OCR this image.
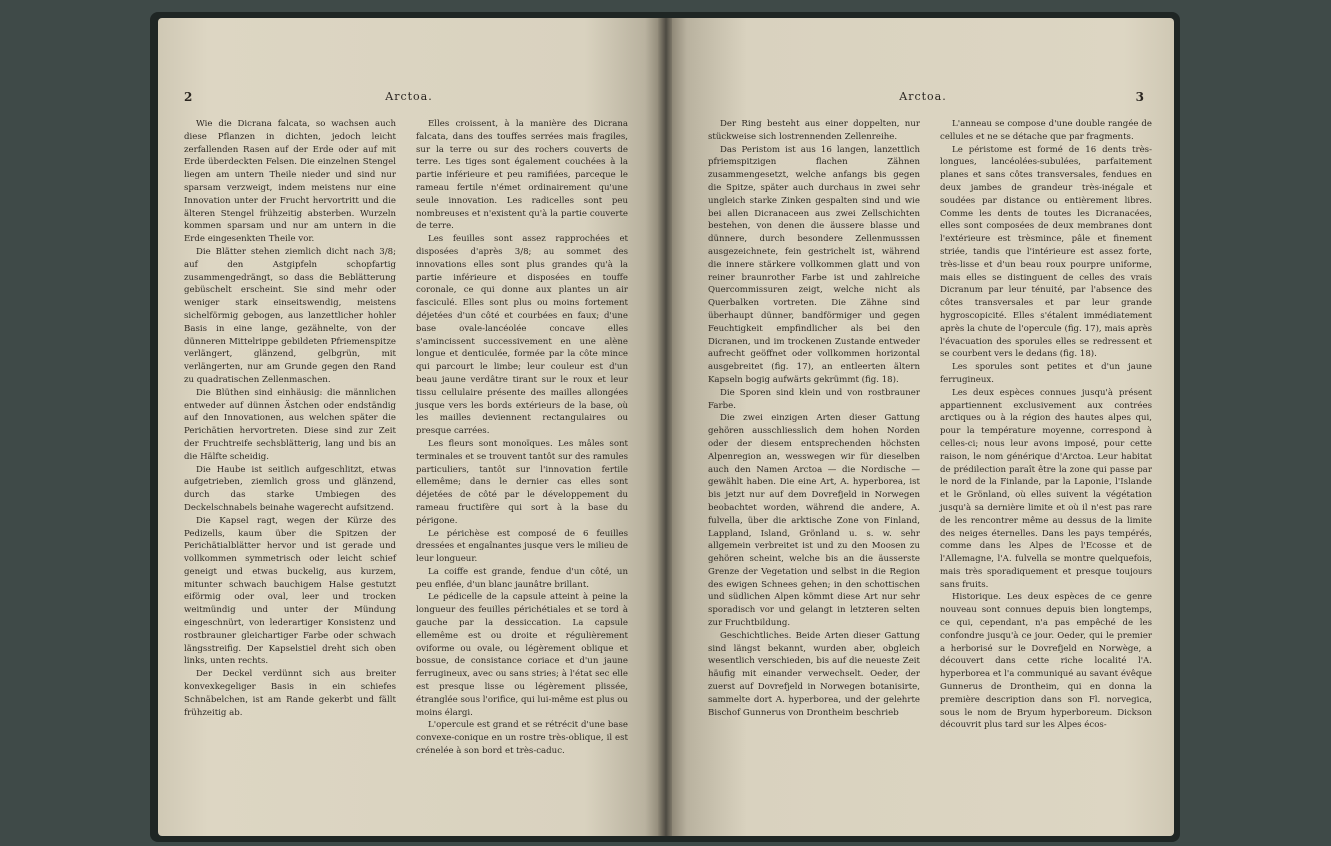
2	Arctoa.

Wie die Dicrana falcata, so wachsen auch diese Pflanzen in dichten, jedoch leicht zerfallenden Rasen auf der Erde oder auf mit Erde überdeckten Felsen. Die einzelnen Stengel liegen am untern Theile nieder und sind nur sparsam verzweigt, indem meistens nur eine Innovation unter der Frucht hervortritt und die älteren Stengel frühzeitig absterben. Wurzeln kommen sparsam und nur am untern in die Erde eingesenkten Theile vor.

Die Blätter stehen ziemlich dicht nach 3/8; auf den Astgipfeln schopfartig zusammengedrängt, so dass die Beblätterung gebüschelt erscheint. Sie sind mehr oder weniger stark einseitswendig, meistens sichelförmig gebogen, aus lanzettlicher hohler Basis in eine lange, gezähnelte, von der dünneren Mittelrippe gebildeten Pfriemenspitze verlängert, glänzend, gelbgrün, mit verlängerten, nur am Grunde gegen den Rand zu quadratischen Zellenmaschen.

Die Blüthen sind einhäusig: die männlichen entweder auf dünnen Ästchen oder endständig auf den Innovationen, aus welchen später die Perichätien hervortreten. Diese sind zur Zeit der Fruchtreife sechsblätterig, lang und bis an die Hälfte scheidig.

Die Haube ist seitlich aufgeschlitzt, etwas aufgetrieben, ziemlich gross und glänzend, durch das starke Umbiegen des Deckelschnabels beinahe wagerecht aufsitzend.

Die Kapsel ragt, wegen der Kürze des Pedizells, kaum über die Spitzen der Perichätialblätter hervor und ist gerade und vollkommen symmetrisch oder leicht schief geneigt und etwas buckelig, aus kurzem, mitunter schwach bauchigem Halse gestutzt eiförmig oder oval, leer und trocken weitmündig und unter der Mündung eingeschnürt, von lederartiger Konsistenz und rostbrauner gleichartiger Farbe oder schwach längsstreifig. Der Kapselstiel dreht sich oben links, unten rechts.

Der Deckel verdünnt sich aus breiter konvexkegeliger Basis in ein schiefes Schnäbelchen, ist am Rande gekerbt und fällt frühzeitig ab.

Elles croissent, à la manière des Dicrana falcata, dans des touffes serrées mais fragiles, sur la terre ou sur des rochers couverts de terre. Les tiges sont également couchées à la partie inférieure et peu ramifiées, parceque le rameau fertile n'émet ordinairement qu'une seule innovation. Les radicelles sont peu nombreuses et n'existent qu'à la partie couverte de terre.

Les feuilles sont assez rapprochées et disposées d'après 3/8; au sommet des innovations elles sont plus grandes qu'à la partie inférieure et disposées en touffe coronale, ce qui donne aux plantes un air fasciculé. Elles sont plus ou moins fortement déjetées d'un côté et courbées en faux; d'une base ovale-lancéolée concave elles s'amincissent successivement en une alène longue et denticulée, formée par la côte mince qui parcourt le limbe; leur couleur est d'un beau jaune verdâtre tirant sur le roux et leur tissu cellulaire présente des mailles allongées jusque vers les bords extérieurs de la base, où les mailles deviennent rectangulaires ou presque carrées.

Les fleurs sont monoïques. Les mâles sont terminales et se trouvent tantôt sur des ramules particuliers, tantôt sur l'innovation fertile ellemême; dans le dernier cas elles sont déjetées de côté par le développement du rameau fructifère qui sort à la base du périgone.

Le périchèse est composé de 6 feuilles dressées et engaînantes jusque vers le milieu de leur longueur.

La coiffe est grande, fendue d'un côté, un peu enflée, d'un blanc jaunâtre brillant.

Le pédicelle de la capsule atteint à peine la longueur des feuilles périchétiales et se tord à gauche par la dessiccation. La capsule ellemême est ou droite et régulièrement oviforme ou ovale, ou légèrement oblique et bossue, de consistance coriace et d'un jaune ferrugineux, avec ou sans stries; à l'état sec elle est presque lisse ou légèrement plissée, étranglée sous l'orifice, qui lui-même est plus ou moins élargi.

L'opercule est grand et se rétrécit d'une base convexe-conique en un rostre très-oblique, il est crénelée à son bord et très-caduc.

Arctoa.	3

Der Ring besteht aus einer doppelten, nur stückweise sich lostrennenden Zellenreihe.

Das Peristom ist aus 16 langen, lanzettlich pfriemspitzigen flachen Zähnen zusammengesetzt, welche anfangs bis gegen die Spitze, später auch durchaus in zwei sehr ungleich starke Zinken gespalten sind und wie bei allen Dicranaceen aus zwei Zellschichten bestehen, von denen die äussere blasse und dünnere, durch besondere Zellenmusssen ausgezeichnete, fein gestrichelt ist, während die innere stärkere vollkommen glatt und von reiner braunrother Farbe ist und zahlreiche Quercommissuren zeigt, welche nicht als Querbalken vortreten. Die Zähne sind überhaupt dünner, bandförmiger und gegen Feuchtigkeit empfindlicher als bei den Dicranen, und im trockenen Zustande entweder aufrecht geöffnet oder vollkommen horizontal ausgebreitet (fig. 17), an entleerten ältern Kapseln bogig aufwärts gekrümmt (fig. 18).

Die Sporen sind klein und von rostbrauner Farbe.

Die zwei einzigen Arten dieser Gattung gehören ausschliesslich dem hohen Norden oder der diesem entsprechenden höchsten Alpenregion an, wesswegen wir für dieselben auch den Namen Arctoa — die Nordische — gewählt haben. Die eine Art, A. hyperborea, ist bis jetzt nur auf dem Dovrefjeld in Norwegen beobachtet worden, während die andere, A. fulvella, über die arktische Zone von Finland, Lappland, Island, Grönland u. s. w. sehr allgemein verbreitet ist und zu den Moosen zu gehören scheint, welche bis an die äusserste Grenze der Vegetation und selbst in die Region des ewigen Schnees gehen; in den schottischen und südlichen Alpen kömmt diese Art nur sehr sporadisch vor und gelangt in letzteren selten zur Fruchtbildung.

Geschichtliches. Beide Arten dieser Gattung sind längst bekannt, wurden aber, obgleich wesentlich verschieden, bis auf die neueste Zeit häufig mit einander verwechselt. Oeder, der zuerst auf Dovrefjeld in Norwegen botanisirte, sammelte dort A. hyperborea, und der gelehrte Bischof Gunnerus von Drontheim beschrieb

L'anneau se compose d'une double rangée de cellules et ne se détache que par fragments.

Le péristome est formé de 16 dents très-longues, lancéolées-subulées, parfaitement planes et sans côtes transversales, fendues en deux jambes de grandeur très-inégale et soudées par distance ou entièrement libres. Comme les dents de toutes les Dicranacées, elles sont composées de deux membranes dont l'extérieure est trèsmince, pâle et finement striée, tandis que l'intérieure est assez forte, très-lisse et d'un beau roux pourpre uniforme, mais elles se distinguent de celles des vrais Dicranum par leur ténuité, par l'absence des côtes transversales et par leur grande hygroscopicité. Elles s'étalent immédiatement après la chute de l'opercule (fig. 17), mais après l'évacuation des sporules elles se redressent et se courbent vers le dedans (fig. 18).

Les sporules sont petites et d'un jaune ferrugineux.

Les deux espèces connues jusqu'à présent appartiennent exclusivement aux contrées arctiques ou à la région des hautes alpes qui, pour la température moyenne, correspond à celles-ci; nous leur avons imposé, pour cette raison, le nom générique d'Arctoa. Leur habitat de prédilection paraît être la zone qui passe par le nord de la Finlande, par la Laponie, l'Islande et le Grönland, où elles suivent la végétation jusqu'à sa dernière limite et où il n'est pas rare de les rencontrer même au dessus de la limite des neiges éternelles. Dans les pays tempérés, comme dans les Alpes de l'Ecosse et de l'Allemagne, l'A. fulvella se montre quelquefois, mais très sporadiquement et presque toujours sans fruits.

Historique. Les deux espèces de ce genre nouveau sont connues depuis bien longtemps, ce qui, cependant, n'a pas empêché de les confondre jusqu'à ce jour. Oeder, qui le premier a herborisé sur le Dovrefjeld en Norwège, a découvert dans cette riche localité l'A. hyperborea et l'a communiqué au savant évêque Gunnerus de Drontheim, qui en donna la première description dans son Fl. norvegica, sous le nom de Bryum hyperboreum. Dickson découvrit plus tard sur les Alpes écos-
